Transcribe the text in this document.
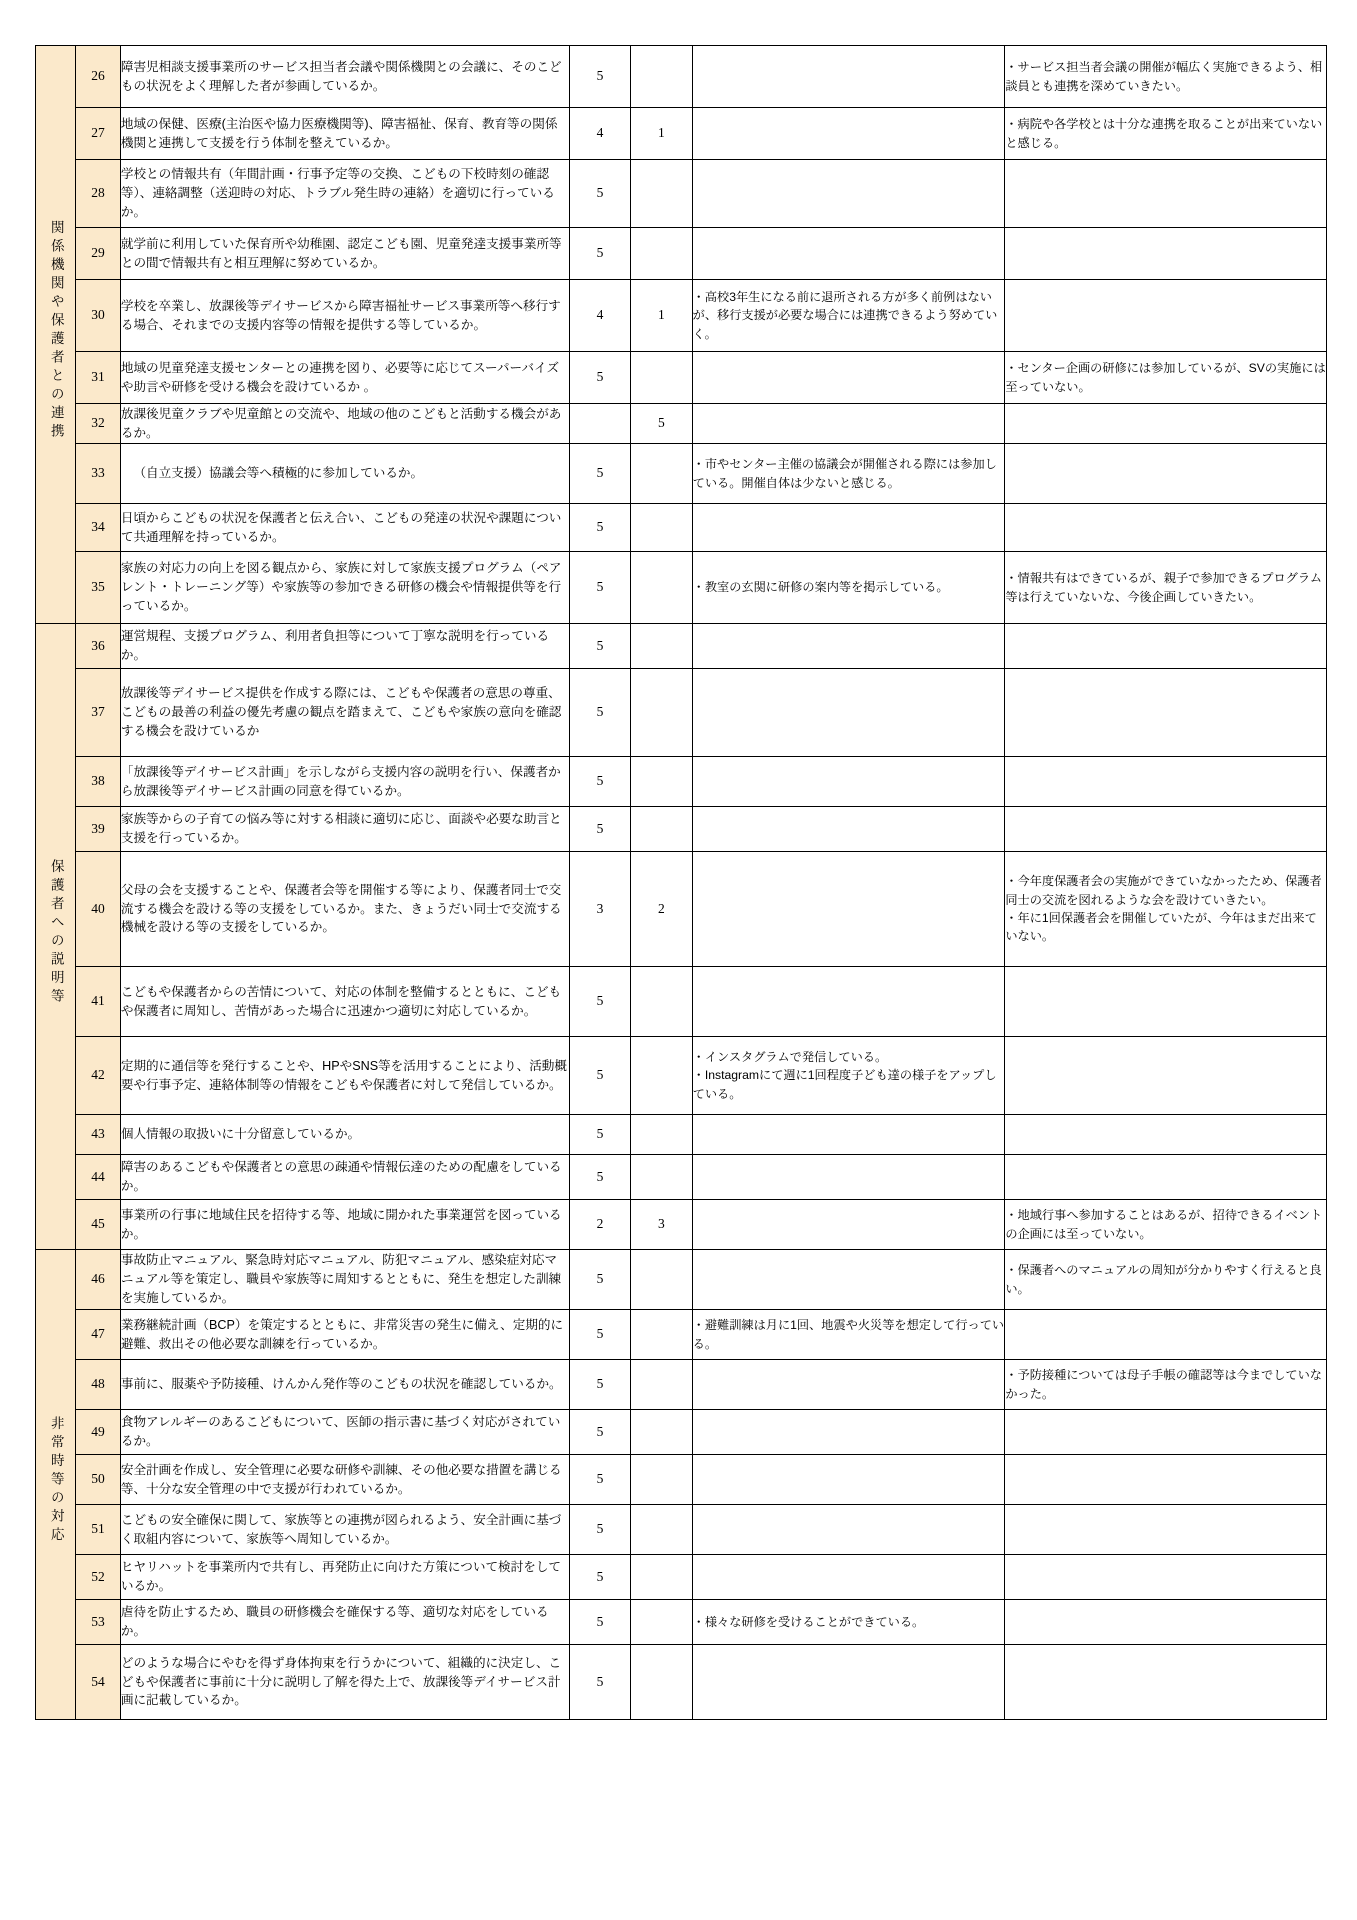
関係機関や保護者との連携	26	障害児相談支援事業所のサービス担当者会議や関係機関との会議に、そのこどもの状況をよく理解した者が参画しているか。	5			・サービス担当者会議の開催が幅広く実施できるよう、相談員とも連携を深めていきたい。
	27	地域の保健、医療(主治医や協力医療機関等)、障害福祉、保育、教育等の関係機関と連携して支援を行う体制を整えているか。	4	1		・病院や各学校とは十分な連携を取ることが出来ていないと感じる。
	28	学校との情報共有（年間計画・行事予定等の交換、こどもの下校時刻の確認等）、連絡調整（送迎時の対応、トラブル発生時の連絡）を適切に行っているか。	5			
	29	就学前に利用していた保育所や幼稚園、認定こども園、児童発達支援事業所等との間で情報共有と相互理解に努めているか。	5			
	30	学校を卒業し、放課後等デイサービスから障害福祉サービス事業所等へ移行する場合、それまでの支援内容等の情報を提供する等しているか。	4	1	・高校3年生になる前に退所される方が多く前例はないが、移行支援が必要な場合には連携できるよう努めていく。	
	31	地域の児童発達支援センターとの連携を図り、必要等に応じてスーパーバイズや助言や研修を受ける機会を設けているか 。	5			・センター企画の研修には参加しているが、SVの実施には至っていない。
	32	放課後児童クラブや児童館との交流や、地域の他のこどもと活動する機会があるか。		5		
	33	（自立支援）協議会等へ積極的に参加しているか。	5		・市やセンター主催の協議会が開催される際には参加している。開催自体は少ないと感じる。	
	34	日頃からこどもの状況を保護者と伝え合い、こどもの発達の状況や課題について共通理解を持っているか。	5			
	35	家族の対応力の向上を図る観点から、家族に対して家族支援プログラム（ペアレント・トレーニング等）や家族等の参加できる研修の機会や情報提供等を行っているか。	5		・教室の玄関に研修の案内等を掲示している。	・情報共有はできているが、親子で参加できるプログラム等は行えていないな、今後企画していきたい。
保護者への説明等	36	運営規程、支援プログラム、利用者負担等について丁寧な説明を行っているか。	5			
	37	放課後等デイサービス提供を作成する際には、こどもや保護者の意思の尊重、こどもの最善の利益の優先考慮の観点を踏まえて、こどもや家族の意向を確認する機会を設けているか	5			
	38	「放課後等デイサービス計画」を示しながら支援内容の説明を行い、保護者から放課後等デイサービス計画の同意を得ているか。	5			
	39	家族等からの子育ての悩み等に対する相談に適切に応じ、面談や必要な助言と支援を行っているか。	5			
	40	父母の会を支援することや、保護者会等を開催する等により、保護者同士で交流する機会を設ける等の支援をしているか。また、きょうだい同士で交流する機械を設ける等の支援をしているか。	3	2		・今年度保護者会の実施ができていなかったため、保護者同士の交流を図れるような会を設けていきたい。
・年に1回保護者会を開催していたが、今年はまだ出来ていない。

	41	こどもや保護者からの苦情について、対応の体制を整備するとともに、こどもや保護者に周知し、苦情があった場合に迅速かつ適切に対応しているか。	5			
	42	定期的に通信等を発行することや、HPやSNS等を活用することにより、活動概要や行事予定、連絡体制等の情報をこどもや保護者に対して発信しているか。	5		・インスタグラムで発信している。
・Instagramにて週に1回程度子ども達の様子をアップしている。	

	43	個人情報の取扱いに十分留意しているか。	5			
	44	障害のあるこどもや保護者との意思の疎通や情報伝達のための配慮をしているか。	5			
	45	事業所の行事に地域住民を招待する等、地域に開かれた事業運営を図っているか。	2	3		・地域行事へ参加することはあるが、招待できるイベントの企画には至っていない。
非常時等の対応	46	事故防止マニュアル、緊急時対応マニュアル、防犯マニュアル、感染症対応マニュアル等を策定し、職員や家族等に周知するとともに、発生を想定した訓練を実施しているか。	5			・保護者へのマニュアルの周知が分かりやすく行えると良い。
	47	業務継続計画（BCP）を策定するとともに、非常災害の発生に備え、定期的に避難、救出その他必要な訓練を行っているか。	5		・避難訓練は月に1回、地震や火災等を想定して行っている。	
	48	事前に、服薬や予防接種、けんかん発作等のこどもの状況を確認しているか。	5			・予防接種については母子手帳の確認等は今までしていなかった。
	49	食物アレルギーのあるこどもについて、医師の指示書に基づく対応がされているか。	5			
	50	安全計画を作成し、安全管理に必要な研修や訓練、その他必要な措置を講じる等、十分な安全管理の中で支援が行われているか。	5			
	51	こどもの安全確保に関して、家族等との連携が図られるよう、安全計画に基づく取組内容について、家族等へ周知しているか。	5			
	52	ヒヤリハットを事業所内で共有し、再発防止に向けた方策について検討をしているか。	5			
	53	虐待を防止するため、職員の研修機会を確保する等、適切な対応をしているか。	5		・様々な研修を受けることができている。	
	54	どのような場合にやむを得ず身体拘束を行うかについて、組織的に決定し、こどもや保護者に事前に十分に説明し了解を得た上で、放課後等デイサービス計画に記載しているか。	5			
